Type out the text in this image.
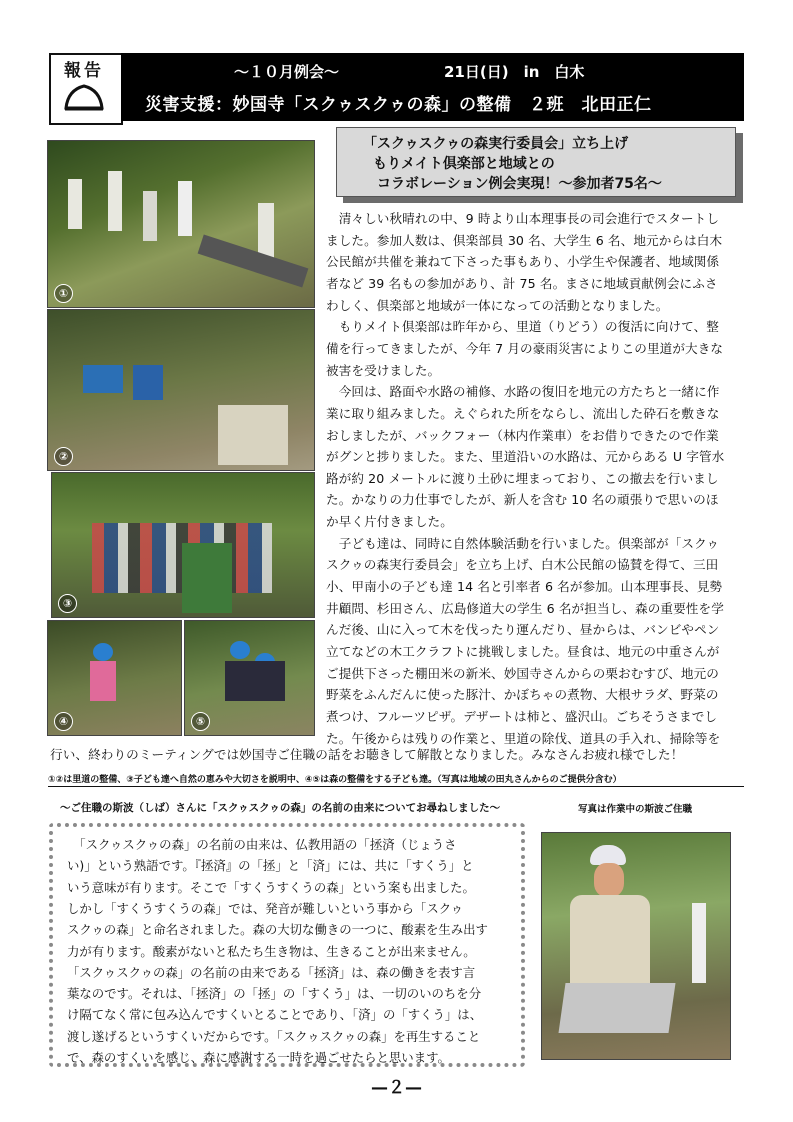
報告	～１０月例会～	21日(日)　in　白木
災害支援：妙国寺「スクゥスクゥの森」の整備　２班　北田正仁
①
②
③
④	⑤
「スクゥスクゥの森実行委員会」立ち上げ
もりメイト倶楽部と地域との
コラボレーション例会実現！～参加者75名～
　清々しい秋晴れの中、9 時より山本理事長の司会進行でスタートし
ました。参加人数は、倶楽部員 30 名、大学生 6 名、地元からは白木
公民館が共催を兼ねて下さった事もあり、小学生や保護者、地域関係
者など 39 名もの参加があり、計 75 名。まさに地域貢献例会にふさ
わしく、倶楽部と地域が一体になっての活動となりました。
　もりメイト倶楽部は昨年から、里道（りどう）の復活に向けて、整
備を行ってきましたが、今年 7 月の豪雨災害によりこの里道が大きな
被害を受けました。
　今回は、路面や水路の補修、水路の復旧を地元の方たちと一緒に作
業に取り組みました。えぐられた所をならし、流出した砕石を敷きな
おしましたが、バックフォー（林内作業車）をお借りできたので作業
がグンと捗りました。また、里道沿いの水路は、元からある U 字管水
路が約 20 メートルに渡り土砂に埋まっており、この撤去を行いまし
た。かなりの力仕事でしたが、新人を含む 10 名の頑張りで思いのほ
か早く片付きました。
　子ども達は、同時に自然体験活動を行いました。倶楽部が「スクゥ
スクゥの森実行委員会」を立ち上げ、白木公民館の協賛を得て、三田
小、甲南小の子ども達 14 名と引率者 6 名が参加。山本理事長、見勢
井顧問、杉田さん、広島修道大の学生 6 名が担当し、森の重要性を学
んだ後、山に入って木を伐ったり運んだり、昼からは、バンビやペン
立てなどの木工クラフトに挑戦しました。昼食は、地元の中重さんが
ご提供下さった棚田米の新米、妙国寺さんからの栗おむすび、地元の
野菜をふんだんに使った豚汁、かぼちゃの煮物、大根サラダ、野菜の
煮つけ、フルーツピザ。デザートは柿と、盛沢山。ごちそうさまでし
た。午後からは残りの作業と、里道の除伐、道具の手入れ、掃除等を
行い、終わりのミーティングでは妙国寺ご住職の話をお聴きして解散となりました。みなさんお疲れ様でした！
①②は里道の整備、③子ども達へ自然の恵みや大切さを説明中、④⑤は森の整備をする子ども達。（写真は地域の田丸さんからのご提供分含む）
～ご住職の斯波（しば）さんに「スクゥスクゥの森」の名前の由来についてお尋ねしました～	写真は作業中の斯波ご住職
　「スクゥスクゥの森」の名前の由来は、仏教用語の「拯済（じょうさ
い)」という熟語です。『拯済』の「拯」と「済」には、共に「すくう」と
いう意味が有ります。そこで「すくうすくうの森」という案も出ました。
しかし「すくうすくうの森」では、発音が難しいという事から「スクゥ
スクゥの森」と命名されました。森の大切な働きの一つに、酸素を生み出す
力が有ります。酸素がないと私たち生き物は、生きることが出来ません。
「スクゥスクゥの森」の名前の由来である「拯済」は、森の働きを表す言
葉なのです。それは、「拯済」の「拯」の「すくう」は、一切のいのちを分
け隔てなく常に包み込んですくいとることであり、「済」の「すくう」は、
渡し遂げるというすくいだからです。「スクゥスクゥの森」を再生すること
で、森のすくいを感じ、森に感謝する一時を過ごせたらと思います。
—２—
